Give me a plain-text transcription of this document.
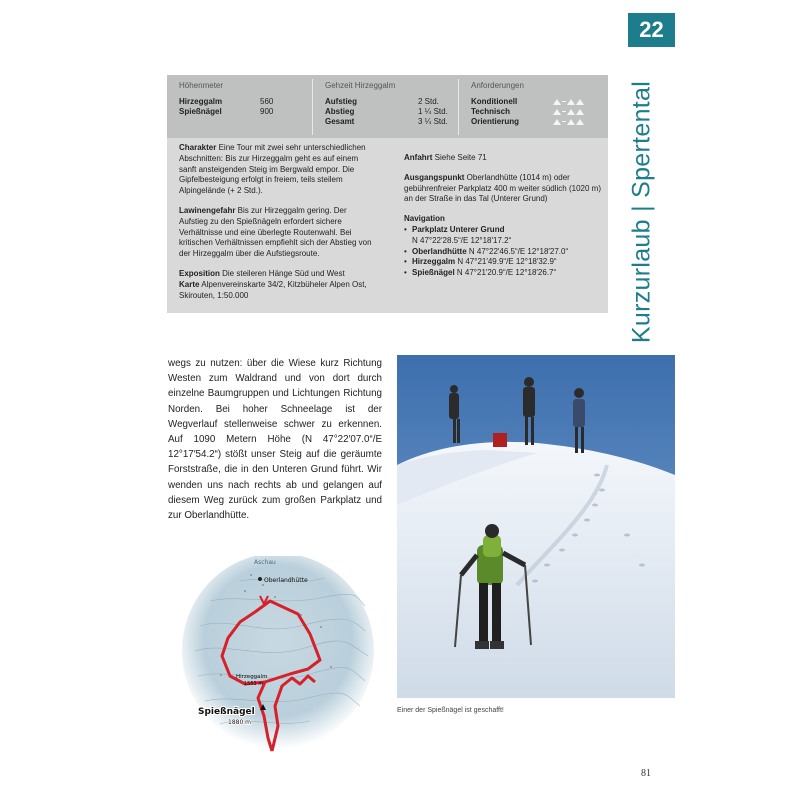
22
Kurzurlaub | Spertental
Höhenmeter
Hirzeggalm	560
Spießnägel	900
Gehzeit Hirzeggalm
Aufstieg	2 Std.
Abstieg	1 ¼ Std.
Gesamt	3 ¼ Std.
Anforderungen
Konditionell
Technisch
Orientierung

Charakter Eine Tour mit zwei sehr unterschiedlichen Abschnitten: Bis zur Hirzeggalm geht es auf einem sanft ansteigenden Steig im Bergwald empor. Die Gipfelbesteigung erfolgt in freiem, teils steilem Alpingelände (+ 2 Std.).

Lawinengefahr Bis zur Hirzeggalm gering. Der Aufstieg zu den Spießnägeln erfordert sichere Verhältnisse und eine überlegte Routenwahl. Bei kritischen Verhältnissen empfiehlt sich der Abstieg von der Hirzeggalm über die Aufstiegsroute.

Exposition Die steileren Hänge Süd und West

Karte Alpenvereinskarte 34/2, Kitzbüheler Alpen Ost, Skirouten, 1:50.000

Anfahrt Siehe Seite 71

Ausgangspunkt Oberlandhütte (1014 m) oder gebührenfreier Parkplatz 400 m weiter südlich (1020 m) an der Straße in das Tal (Unterer Grund)

Navigation
• Parkplatz Unterer Grund
N 47°22′28.5“/E 12°18′17.2“
• Oberlandhütte N 47°22′46.5“/E 12°18′27.0“
• Hirzeggalm N 47°21′49.9“/E 12°18′32.9“
• Spießnägel N 47°21′20.9“/E 12°18′26.7“
wegs zu nutzen: über die Wiese kurz Richtung Westen zum Waldrand und von dort durch einzelne Baumgruppen und Lichtungen Richtung Norden. Bei hoher Schneelage ist der Wegverlauf stellenweise schwer zu erkennen. Auf 1090 Metern Höhe (N 47°22′07.0“/E 12°17′54.2“) stößt unser Steig auf die geräumte Forststraße, die in den Unteren Grund führt. Wir wenden uns nach rechts ab und gelangen auf diesem Weg zurück zum großen Parkplatz und zur Oberlandhütte.
Oberlandhütte
Aschau
Hirzeggalm
1553 m
Spießnägel
1880 m
Einer der Spießnägel ist geschafft!
81
